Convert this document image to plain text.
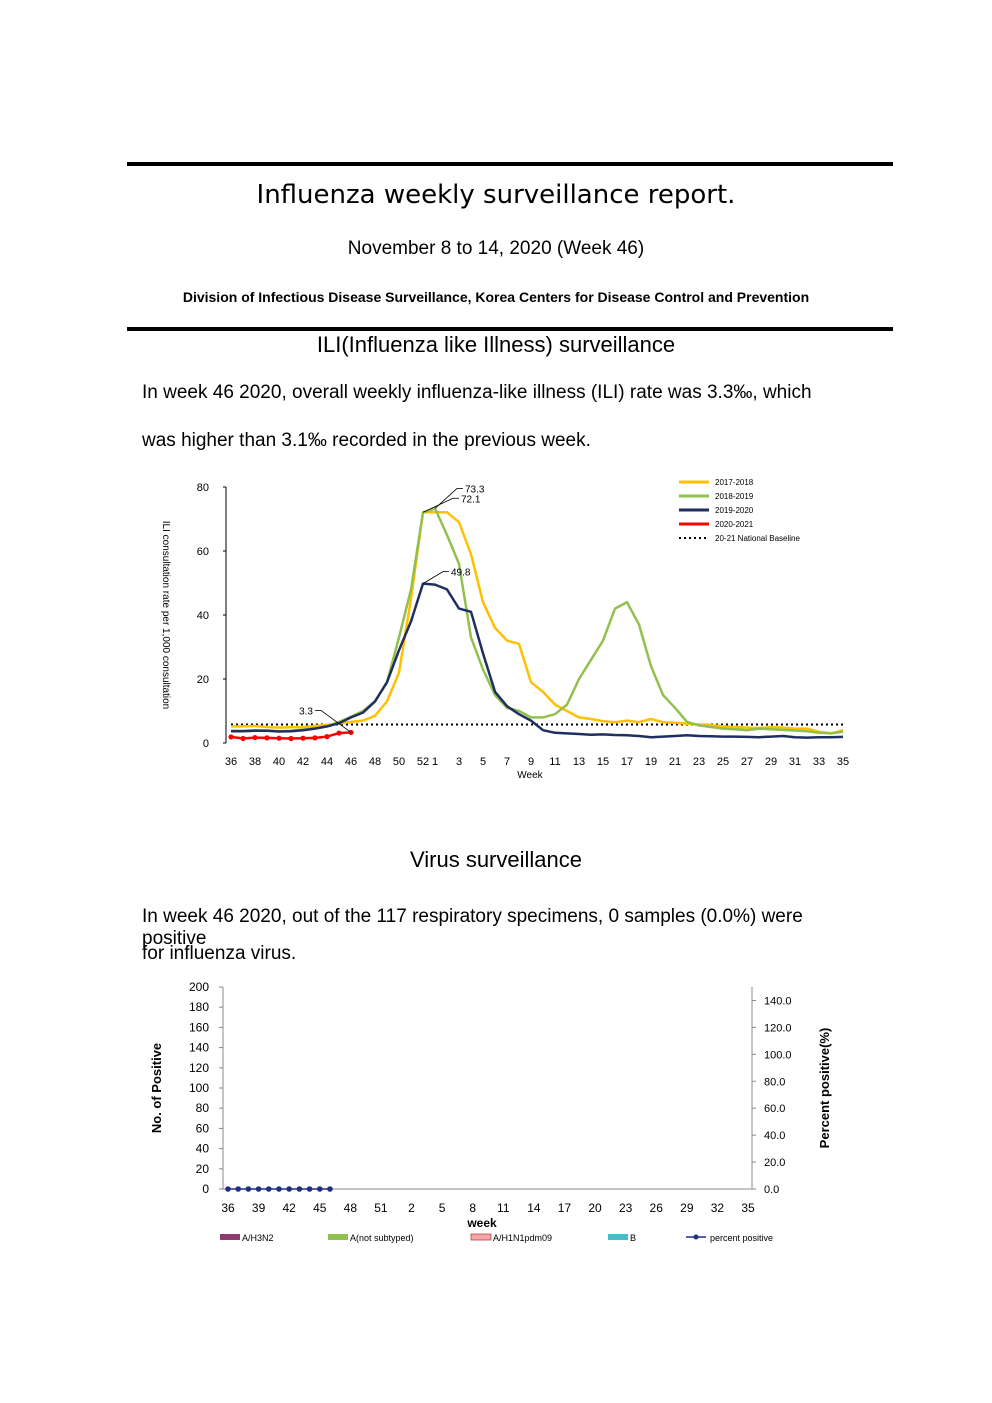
Influenza weekly surveillance report.
November 8 to 14, 2020 (Week 46)
Division of Infectious Disease Surveillance, Korea Centers for Disease Control and Prevention
ILI(Influenza like Illness) surveillance
In week 46 2020, overall weekly influenza-like illness (ILI) rate was 3.3‰, which
was higher than 3.1‰ recorded in the previous week.
0
20
40
60
80
36 38 40 42 44 46 48 50 52 1 3 5 7 9 11 13 15 17 19 21 23 25 27 29 31 33 35
Week
ILI consultation rate per 1,000 consultation
73.3
72.1
49.8
3.3
2017-2018
2018-2019
2019-2020
2020-2021
20-21 National Baseline
Virus surveillance
In week 46 2020, out of the 117 respiratory specimens, 0 samples (0.0%) were positive
for influenza virus.
0
20
40
60
80
100
120
140
160
180
200
0.0
20.0
40.0
60.0
80.0
100.0
120.0
140.0
36 39 42 45 48 51 2 5 8 11 14 17 20 23 26 29 32 35
week
No. of Positive	Percent positive(%)
A/H3N2	A(not subtyped)	A/H1N1pdm09	B	percent positive
